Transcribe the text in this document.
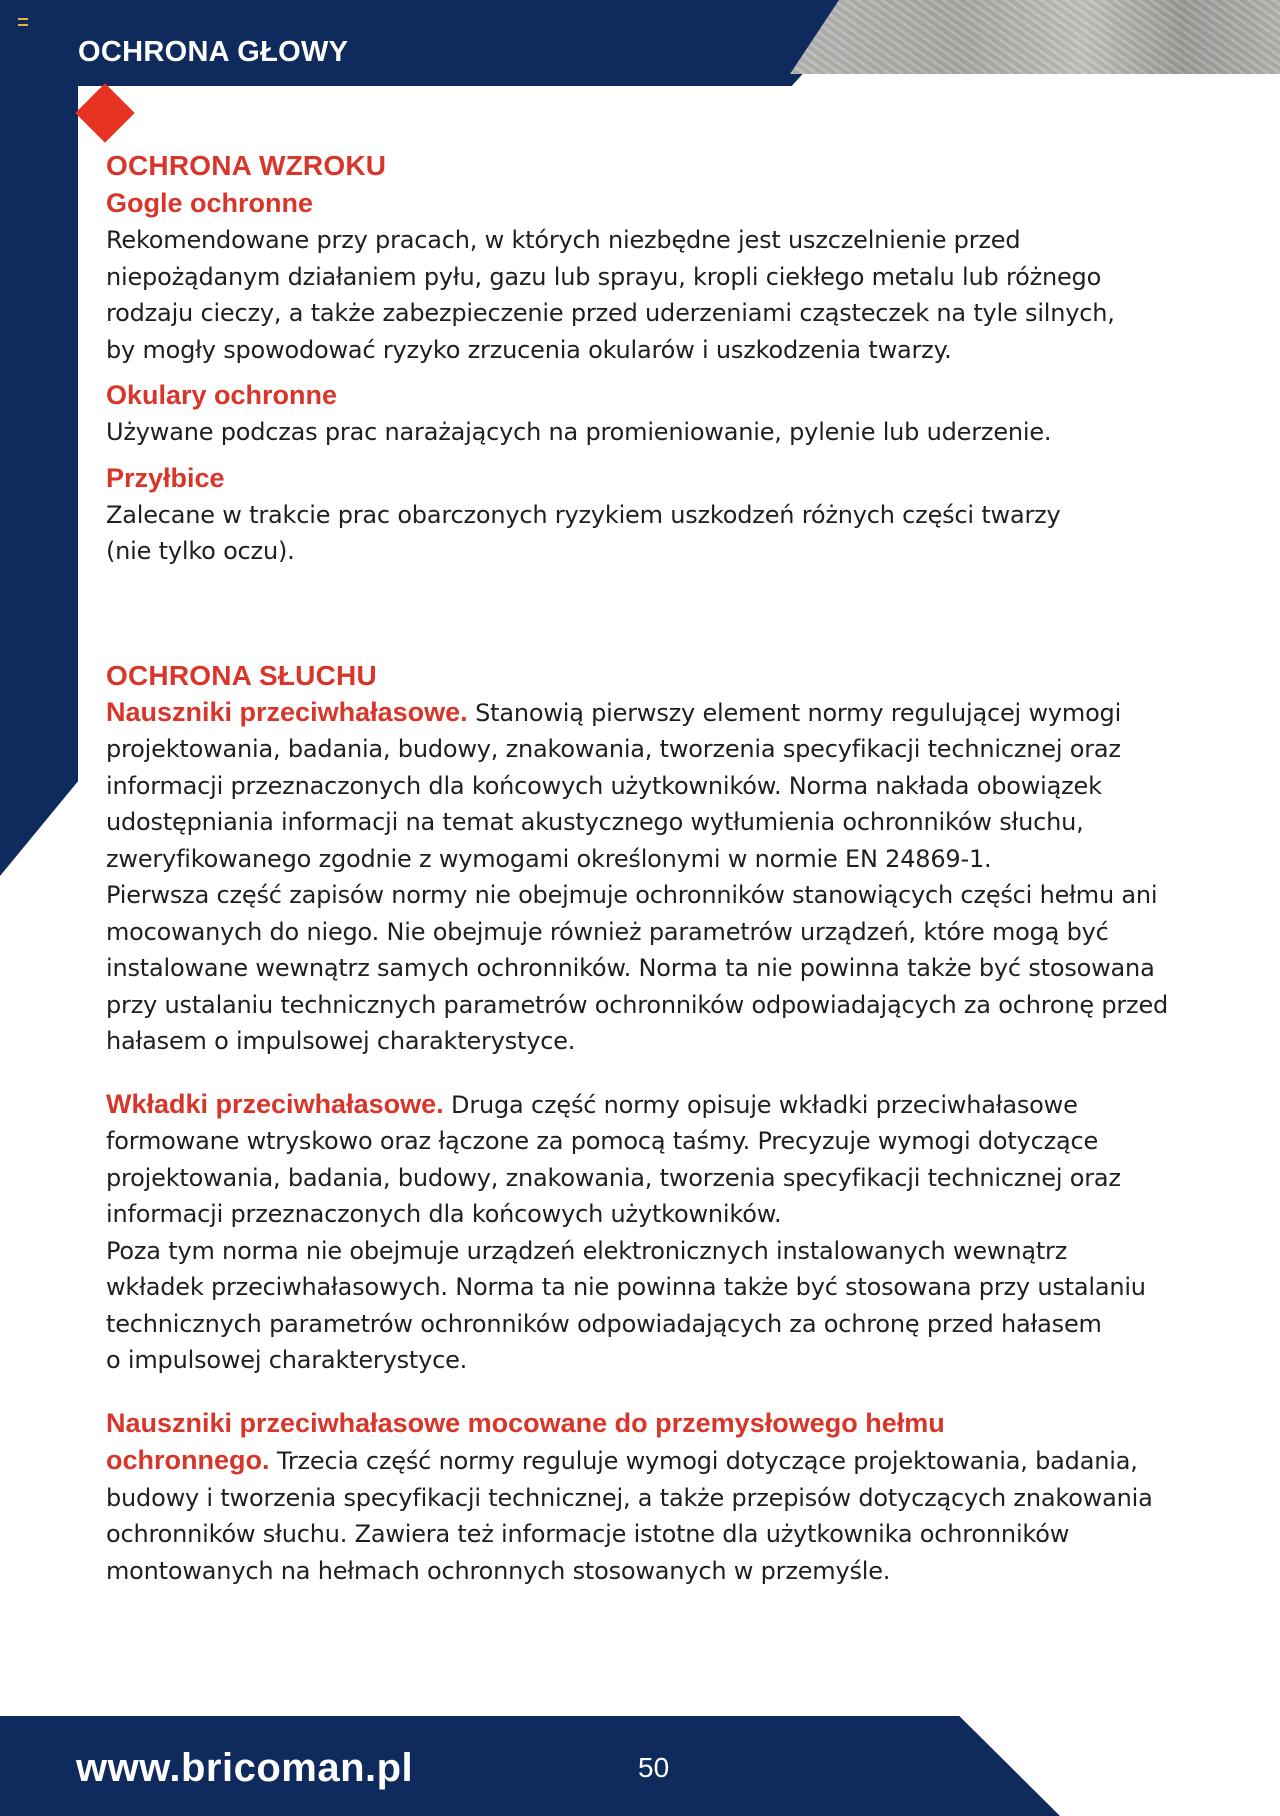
OCHRONA GŁOWY
OCHRONA WZROKU
Gogle ochronne
Rekomendowane przy pracach, w których niezbędne jest uszczelnienie przed
niepożądanym działaniem pyłu, gazu lub sprayu, kropli ciekłego metalu lub różnego
rodzaju cieczy, a także zabezpieczenie przed uderzeniami cząsteczek na tyle silnych,
by mogły spowodować ryzyko zrzucenia okularów i uszkodzenia twarzy.
Okulary ochronne
Używane podczas prac narażających na promieniowanie, pylenie lub uderzenie.
Przyłbice
Zalecane w trakcie prac obarczonych ryzykiem uszkodzeń różnych części twarzy
(nie tylko oczu).
OCHRONA SŁUCHU
Nauszniki przeciwhałasowe. Stanowią pierwszy element normy regulującej wymogi
projektowania, badania, budowy, znakowania, tworzenia specyfikacji technicznej oraz
informacji przeznaczonych dla końcowych użytkowników. Norma nakłada obowiązek
udostępniania informacji na temat akustycznego wytłumienia ochronników słuchu,
zweryfikowanego zgodnie z wymogami określonymi w normie EN 24869-1.
Pierwsza część zapisów normy nie obejmuje ochronników stanowiących części hełmu ani
mocowanych do niego. Nie obejmuje również parametrów urządzeń, które mogą być
instalowane wewnątrz samych ochronników. Norma ta nie powinna także być stosowana
przy ustalaniu technicznych parametrów ochronników odpowiadających za ochronę przed
hałasem o impulsowej charakterystyce.
Wkładki przeciwhałasowe. Druga część normy opisuje wkładki przeciwhałasowe
formowane wtryskowo oraz łączone za pomocą taśmy. Precyzuje wymogi dotyczące
projektowania, badania, budowy, znakowania, tworzenia specyfikacji technicznej oraz
informacji przeznaczonych dla końcowych użytkowników.
Poza tym norma nie obejmuje urządzeń elektronicznych instalowanych wewnątrz
wkładek przeciwhałasowych. Norma ta nie powinna także być stosowana przy ustalaniu
technicznych parametrów ochronników odpowiadających za ochronę przed hałasem
o impulsowej charakterystyce.
Nauszniki przeciwhałasowe mocowane do przemysłowego hełmu
ochronnego. Trzecia część normy reguluje wymogi dotyczące projektowania, badania,
budowy i tworzenia specyfikacji technicznej, a także przepisów dotyczących znakowania
ochronników słuchu. Zawiera też informacje istotne dla użytkownika ochronników
montowanych na hełmach ochronnych stosowanych w przemyśle.
www.bricoman.pl	50
